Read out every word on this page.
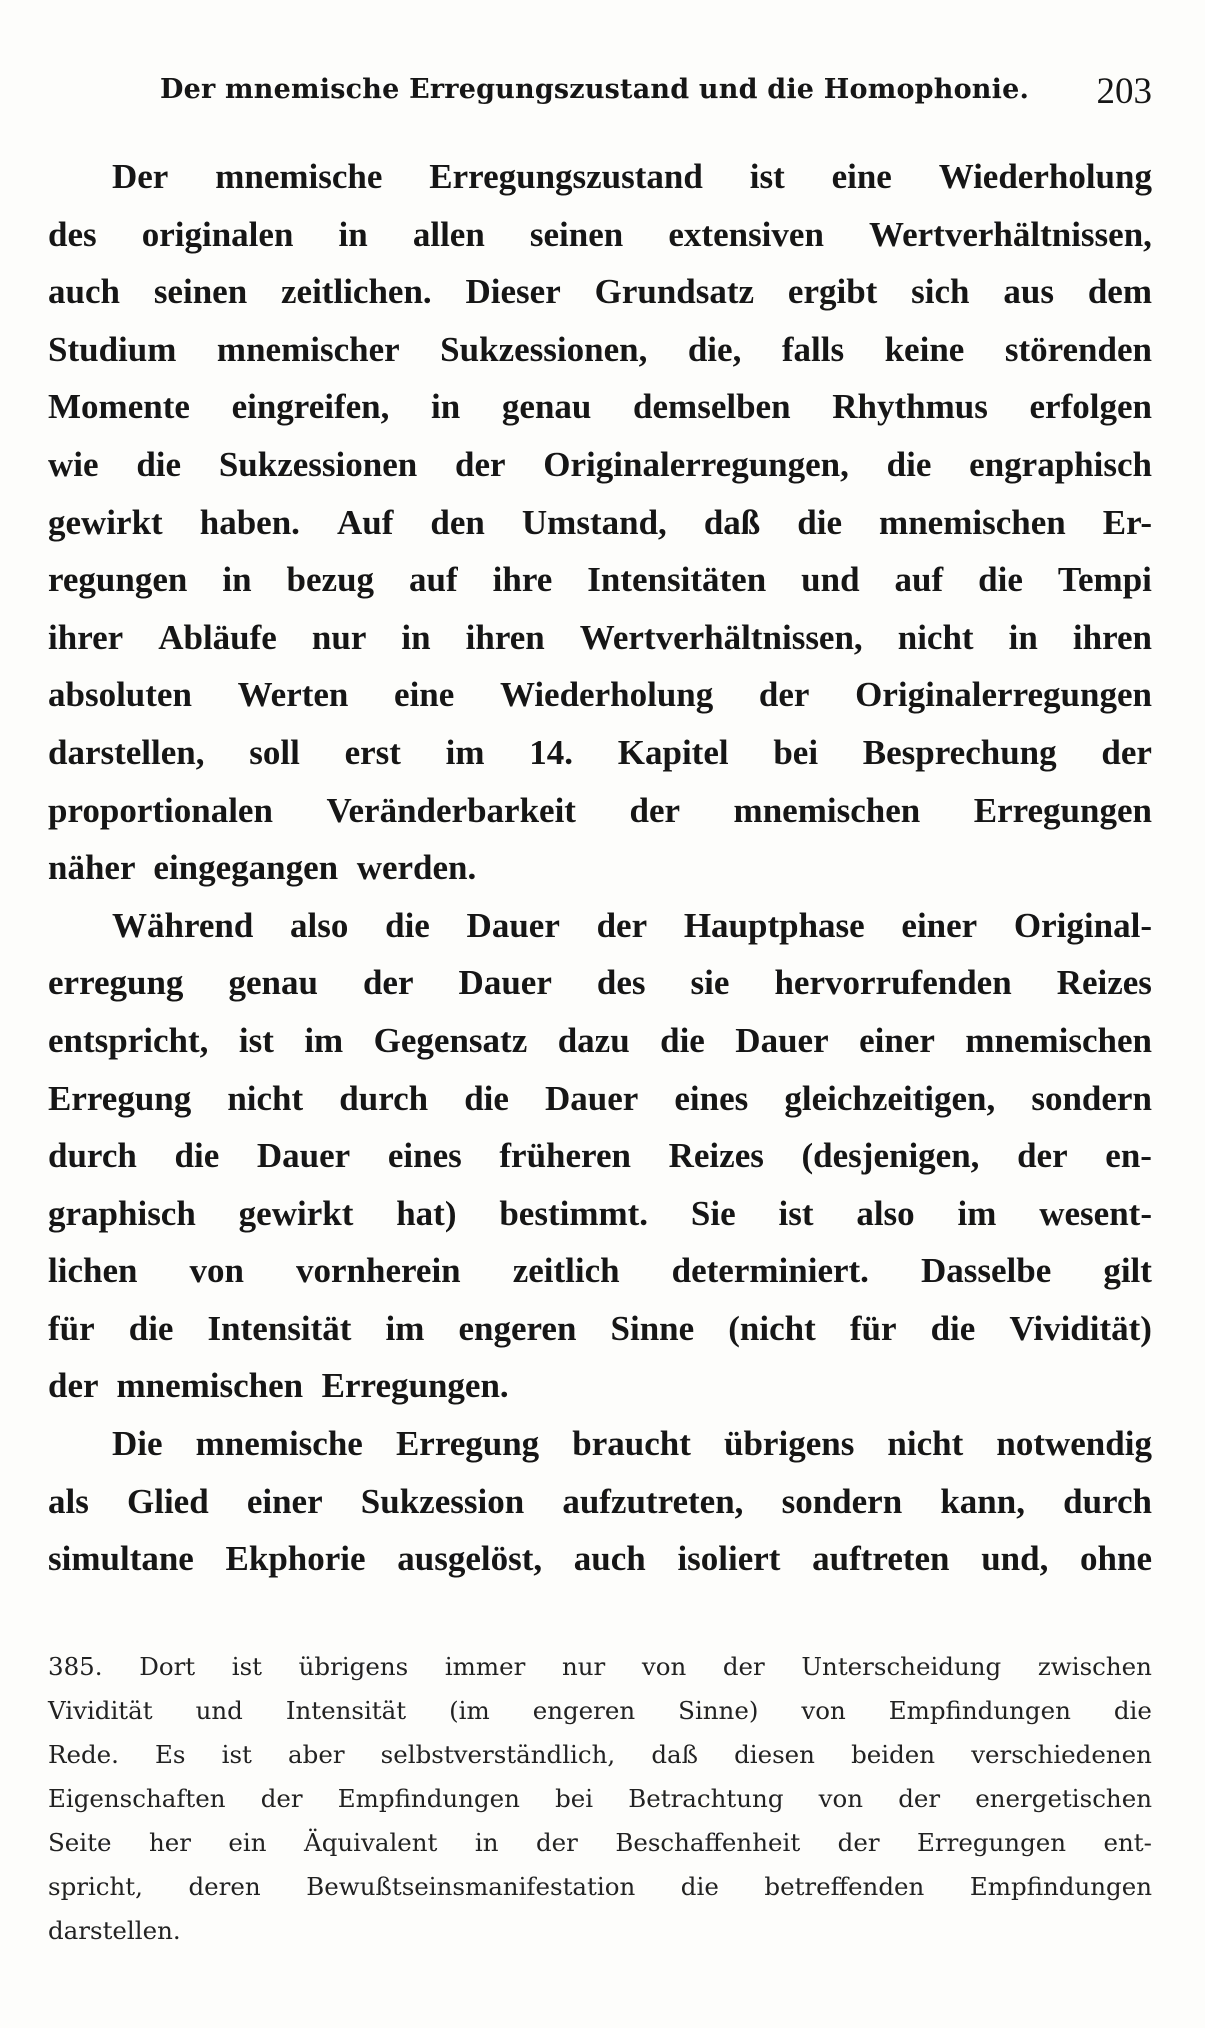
Der mnemische Erregungszustand und die Homophonie. 203
Der mnemische Erregungszustand ist eine Wiederholung
des originalen in allen seinen extensiven Wertverhältnissen,
auch seinen zeitlichen. Dieser Grundsatz ergibt sich aus dem
Studium mnemischer Sukzessionen, die, falls keine störenden
Momente eingreifen, in genau demselben Rhythmus erfolgen
wie die Sukzessionen der Originalerregungen, die engraphisch
gewirkt haben. Auf den Umstand, daß die mnemischen Er-
regungen in bezug auf ihre Intensitäten und auf die Tempi
ihrer Abläufe nur in ihren Wertverhältnissen, nicht in ihren
absoluten Werten eine Wiederholung der Originalerregungen
darstellen, soll erst im 14. Kapitel bei Besprechung der
proportionalen Veränderbarkeit der mnemischen Erregungen
näher eingegangen werden.
Während also die Dauer der Hauptphase einer Original-
erregung genau der Dauer des sie hervorrufenden Reizes
entspricht, ist im Gegensatz dazu die Dauer einer mnemischen
Erregung nicht durch die Dauer eines gleichzeitigen, sondern
durch die Dauer eines früheren Reizes (desjenigen, der en-
graphisch gewirkt hat) bestimmt. Sie ist also im wesent-
lichen von vornherein zeitlich determiniert. Dasselbe gilt
für die Intensität im engeren Sinne (nicht für die Vividität)
der mnemischen Erregungen.
Die mnemische Erregung braucht übrigens nicht notwendig
als Glied einer Sukzession aufzutreten, sondern kann, durch
simultane Ekphorie ausgelöst, auch isoliert auftreten und, ohne
385. Dort ist übrigens immer nur von der Unterscheidung zwischen
Vividität und Intensität (im engeren Sinne) von Empfindungen die
Rede. Es ist aber selbstverständlich, daß diesen beiden verschiedenen
Eigenschaften der Empfindungen bei Betrachtung von der energetischen
Seite her ein Äquivalent in der Beschaffenheit der Erregungen ent-
spricht, deren Bewußtseinsmanifestation die betreffenden Empfindungen
darstellen.
